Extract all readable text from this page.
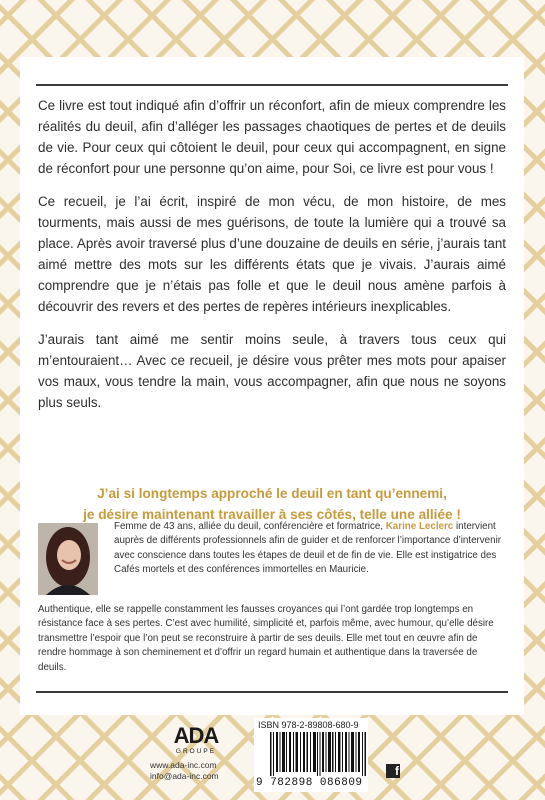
Ce livre est tout indiqué afin d’offrir un réconfort, afin de mieux comprendre les réalités du deuil, afin d’alléger les passages chaotiques de pertes et de deuils de vie. Pour ceux qui côtoient le deuil, pour ceux qui accompagnent, en signe de réconfort pour une personne qu’on aime, pour Soi, ce livre est pour vous !

Ce recueil, je l’ai écrit, inspiré de mon vécu, de mon histoire, de mes tourments, mais aussi de mes guérisons, de toute la lumière qui a trouvé sa place. Après avoir traversé plus d’une douzaine de deuils en série, j’aurais tant aimé mettre des mots sur les différents états que je vivais. J’aurais aimé comprendre que je n’étais pas folle et que le deuil nous amène parfois à découvrir des revers et des pertes de repères intérieurs inexplicables.

J’aurais tant aimé me sentir moins seule, à travers tous ceux qui m’entouraient… Avec ce recueil, je désire vous prêter mes mots pour apaiser vos maux, vous tendre la main, vous accompagner, afin que nous ne soyons plus seuls.

J’ai si longtemps approché le deuil en tant qu’ennemi,
je désire maintenant travailler à ses côtés, telle une alliée !
Femme de 43 ans, alliée du deuil, conférencière et formatrice, Karine Leclerc intervient auprès de différents professionnels afin de guider et de renforcer l’importance d’intervenir avec conscience dans toutes les étapes de deuil et de fin de vie. Elle est instigatrice des Cafés mortels et des conférences immortelles en Mauricie.
Authentique, elle se rappelle constamment les fausses croyances qui l’ont gardée trop longtemps en résistance face à ses pertes. C’est avec humilité, simplicité et, parfois même, avec humour, qu’elle désire transmettre l’espoir que l’on peut se reconstruire à partir de ses deuils. Elle met tout en œuvre afin de rendre hommage à son cheminement et d’offrir un regard humain et authentique dans la traversée de deuils.
ADA
GROUPE
www.ada-inc.com
info@ada-inc.com
ISBN 978-2-89808-680-9
9 782898 086809
f
